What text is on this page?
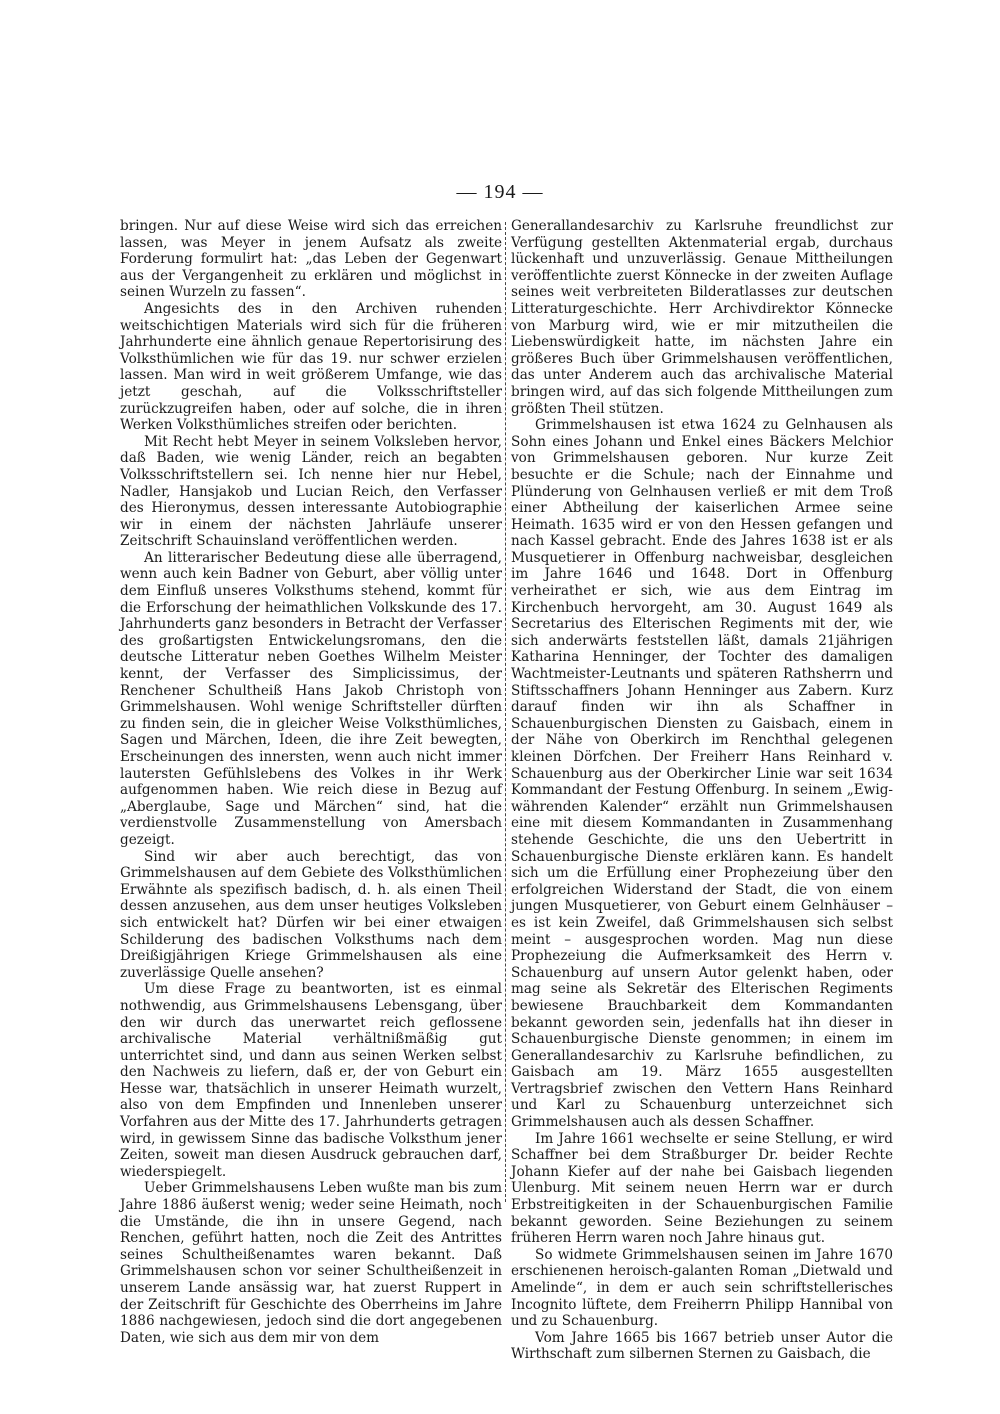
— 194 —

bringen. Nur auf diese Weise wird sich das erreichen lassen, was Meyer in jenem Aufsatz als zweite Forderung formulirt hat: „das Leben der Gegenwart aus der Vergangenheit zu erklären und möglichst in seinen Wurzeln zu fassen“.

Angesichts des in den Archiven ruhenden weitschichtigen Materials wird sich für die früheren Jahrhunderte eine ähnlich genaue Repertorisirung des Volksthümlichen wie für das 19. nur schwer erzielen lassen. Man wird in weit größerem Umfange, wie das jetzt geschah, auf die Volksschriftsteller zurückzugreifen haben, oder auf solche, die in ihren Werken Volksthümliches streifen oder berichten.

Mit Recht hebt Meyer in seinem Volksleben hervor, daß Baden, wie wenig Länder, reich an begabten Volksschriftstellern sei. Ich nenne hier nur Hebel, Nadler, Hansjakob und Lucian Reich, den Verfasser des Hieronymus, dessen interessante Autobiographie wir in einem der nächsten Jahrläufe unserer Zeitschrift Schauinsland veröffentlichen werden.

An litterarischer Bedeutung diese alle überragend, wenn auch kein Badner von Geburt, aber völlig unter dem Einfluß unseres Volksthums stehend, kommt für die Erforschung der heimathlichen Volkskunde des 17. Jahrhunderts ganz besonders in Betracht der Verfasser des großartigsten Entwickelungsromans, den die deutsche Litteratur neben Goethes Wilhelm Meister kennt, der Verfasser des Simplicissimus, der Renchener Schultheiß Hans Jakob Christoph von Grimmelshausen. Wohl wenige Schriftsteller dürften zu finden sein, die in gleicher Weise Volksthümliches, Sagen und Märchen, Ideen, die ihre Zeit bewegten, Erscheinungen des innersten, wenn auch nicht immer lautersten Gefühlslebens des Volkes in ihr Werk aufgenommen haben. Wie reich diese in Bezug auf „Aberglaube, Sage und Märchen“ sind, hat die verdienstvolle Zusammenstellung von Amersbach gezeigt.

Sind wir aber auch berechtigt, das von Grimmelshausen auf dem Gebiete des Volksthümlichen Erwähnte als spezifisch badisch, d. h. als einen Theil dessen anzusehen, aus dem unser heutiges Volksleben sich entwickelt hat? Dürfen wir bei einer etwaigen Schilderung des badischen Volksthums nach dem Dreißigjährigen Kriege Grimmelshausen als eine zuverlässige Quelle ansehen?

Um diese Frage zu beantworten, ist es einmal nothwendig, aus Grimmelshausens Lebensgang, über den wir durch das unerwartet reich geflossene archivalische Material verhältnißmäßig gut unterrichtet sind, und dann aus seinen Werken selbst den Nachweis zu liefern, daß er, der von Geburt ein Hesse war, thatsächlich in unserer Heimath wurzelt, also von dem Empfinden und Innenleben unserer Vorfahren aus der Mitte des 17. Jahrhunderts getragen wird, in gewissem Sinne das badische Volksthum jener Zeiten, soweit man diesen Ausdruck gebrauchen darf, wiederspiegelt.

Ueber Grimmelshausens Leben wußte man bis zum Jahre 1886 äußerst wenig; weder seine Heimath, noch die Umstände, die ihn in unsere Gegend, nach Renchen, geführt hatten, noch die Zeit des Antrittes seines Schultheißenamtes waren bekannt. Daß Grimmelshausen schon vor seiner Schultheißenzeit in unserem Lande ansässig war, hat zuerst Ruppert in der Zeitschrift für Geschichte des Oberrheins im Jahre 1886 nachgewiesen, jedoch sind die dort angegebenen Daten, wie sich aus dem mir von dem

Generallandesarchiv zu Karlsruhe freundlichst zur Verfügung gestellten Aktenmaterial ergab, durchaus lückenhaft und unzuverlässig. Genaue Mittheilungen veröffentlichte zuerst Könnecke in der zweiten Auflage seines weit verbreiteten Bilderatlasses zur deutschen Litteraturgeschichte. Herr Archivdirektor Könnecke von Marburg wird, wie er mir mitzutheilen die Liebenswürdigkeit hatte, im nächsten Jahre ein größeres Buch über Grimmelshausen veröffentlichen, das unter Anderem auch das archivalische Material bringen wird, auf das sich folgende Mittheilungen zum größten Theil stützen.

Grimmelshausen ist etwa 1624 zu Gelnhausen als Sohn eines Johann und Enkel eines Bäckers Melchior von Grimmelshausen geboren. Nur kurze Zeit besuchte er die Schule; nach der Einnahme und Plünderung von Gelnhausen verließ er mit dem Troß einer Abtheilung der kaiserlichen Armee seine Heimath. 1635 wird er von den Hessen gefangen und nach Kassel gebracht. Ende des Jahres 1638 ist er als Musquetierer in Offenburg nachweisbar, desgleichen im Jahre 1646 und 1648. Dort in Offenburg verheirathet er sich, wie aus dem Eintrag im Kirchenbuch hervorgeht, am 30. August 1649 als Secretarius des Elterischen Regiments mit der, wie sich anderwärts feststellen läßt, damals 21jährigen Katharina Henninger, der Tochter des damaligen Wachtmeister-Leutnants und späteren Rathsherrn und Stiftsschaffners Johann Henninger aus Zabern. Kurz darauf finden wir ihn als Schaffner in Schauenburgischen Diensten zu Gaisbach, einem in der Nähe von Oberkirch im Renchthal gelegenen kleinen Dörfchen. Der Freiherr Hans Reinhard v. Schauenburg aus der Oberkircher Linie war seit 1634 Kommandant der Festung Offenburg. In seinem „Ewig-währenden Kalender“ erzählt nun Grimmelshausen eine mit diesem Kommandanten in Zusammenhang stehende Geschichte, die uns den Uebertritt in Schauenburgische Dienste erklären kann. Es handelt sich um die Erfüllung einer Prophezeiung über den erfolgreichen Widerstand der Stadt, die von einem jungen Musquetierer, von Geburt einem Gelnhäuser – es ist kein Zweifel, daß Grimmelshausen sich selbst meint – ausgesprochen worden. Mag nun diese Prophezeiung die Aufmerksamkeit des Herrn v. Schauenburg auf unsern Autor gelenkt haben, oder mag seine als Sekretär des Elterischen Regiments bewiesene Brauchbarkeit dem Kommandanten bekannt geworden sein, jedenfalls hat ihn dieser in Schauenburgische Dienste genommen; in einem im Generallandesarchiv zu Karlsruhe befindlichen, zu Gaisbach am 19. März 1655 ausgestellten Vertragsbrief zwischen den Vettern Hans Reinhard und Karl zu Schauenburg unterzeichnet sich Grimmelshausen auch als dessen Schaffner.

Im Jahre 1661 wechselte er seine Stellung, er wird Schaffner bei dem Straßburger Dr. beider Rechte Johann Kiefer auf der nahe bei Gaisbach liegenden Ulenburg. Mit seinem neuen Herrn war er durch Erbstreitigkeiten in der Schauenburgischen Familie bekannt geworden. Seine Beziehungen zu seinem früheren Herrn waren noch Jahre hinaus gut.

So widmete Grimmelshausen seinen im Jahre 1670 erschienenen heroisch-galanten Roman „Dietwald und Amelinde“, in dem er auch sein schriftstellerisches Incognito lüftete, dem Freiherrn Philipp Hannibal von und zu Schauenburg.

Vom Jahre 1665 bis 1667 betrieb unser Autor die Wirthschaft zum silbernen Sternen zu Gaisbach, die
